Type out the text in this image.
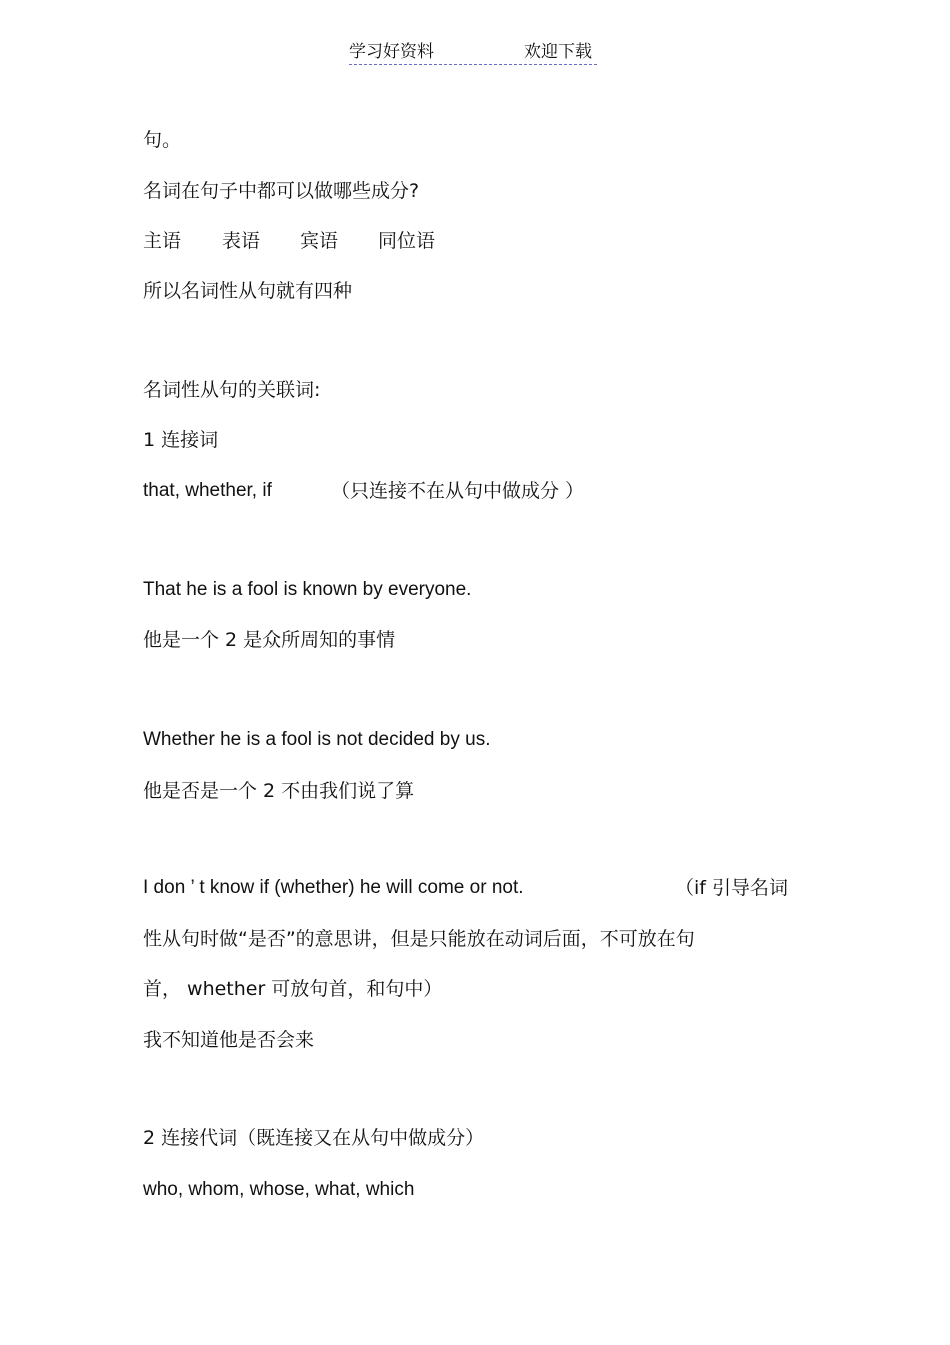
学习好资料	欢迎下载
句。
名词在句子中都可以做哪些成分?
主语 表语 宾语 同位语
所以名词性从句就有四种
名词性从句的关联词:
1 连接词
that, whether, if	（只连接不在从句中做成分 ）
That he is a fool is known by everyone.
他是一个 2 是众所周知的事情
Whether he is a fool is not decided by us.
他是否是一个 2 不由我们说了算
I don ’ t know if (whether) he will come or not.	（if 引导名词
性从句时做“是否”的意思讲，但是只能放在动词后面，不可放在句
首， whether 可放句首，和句中）
我不知道他是否会来
2 连接代词（既连接又在从句中做成分）
who, whom, whose, what, which
